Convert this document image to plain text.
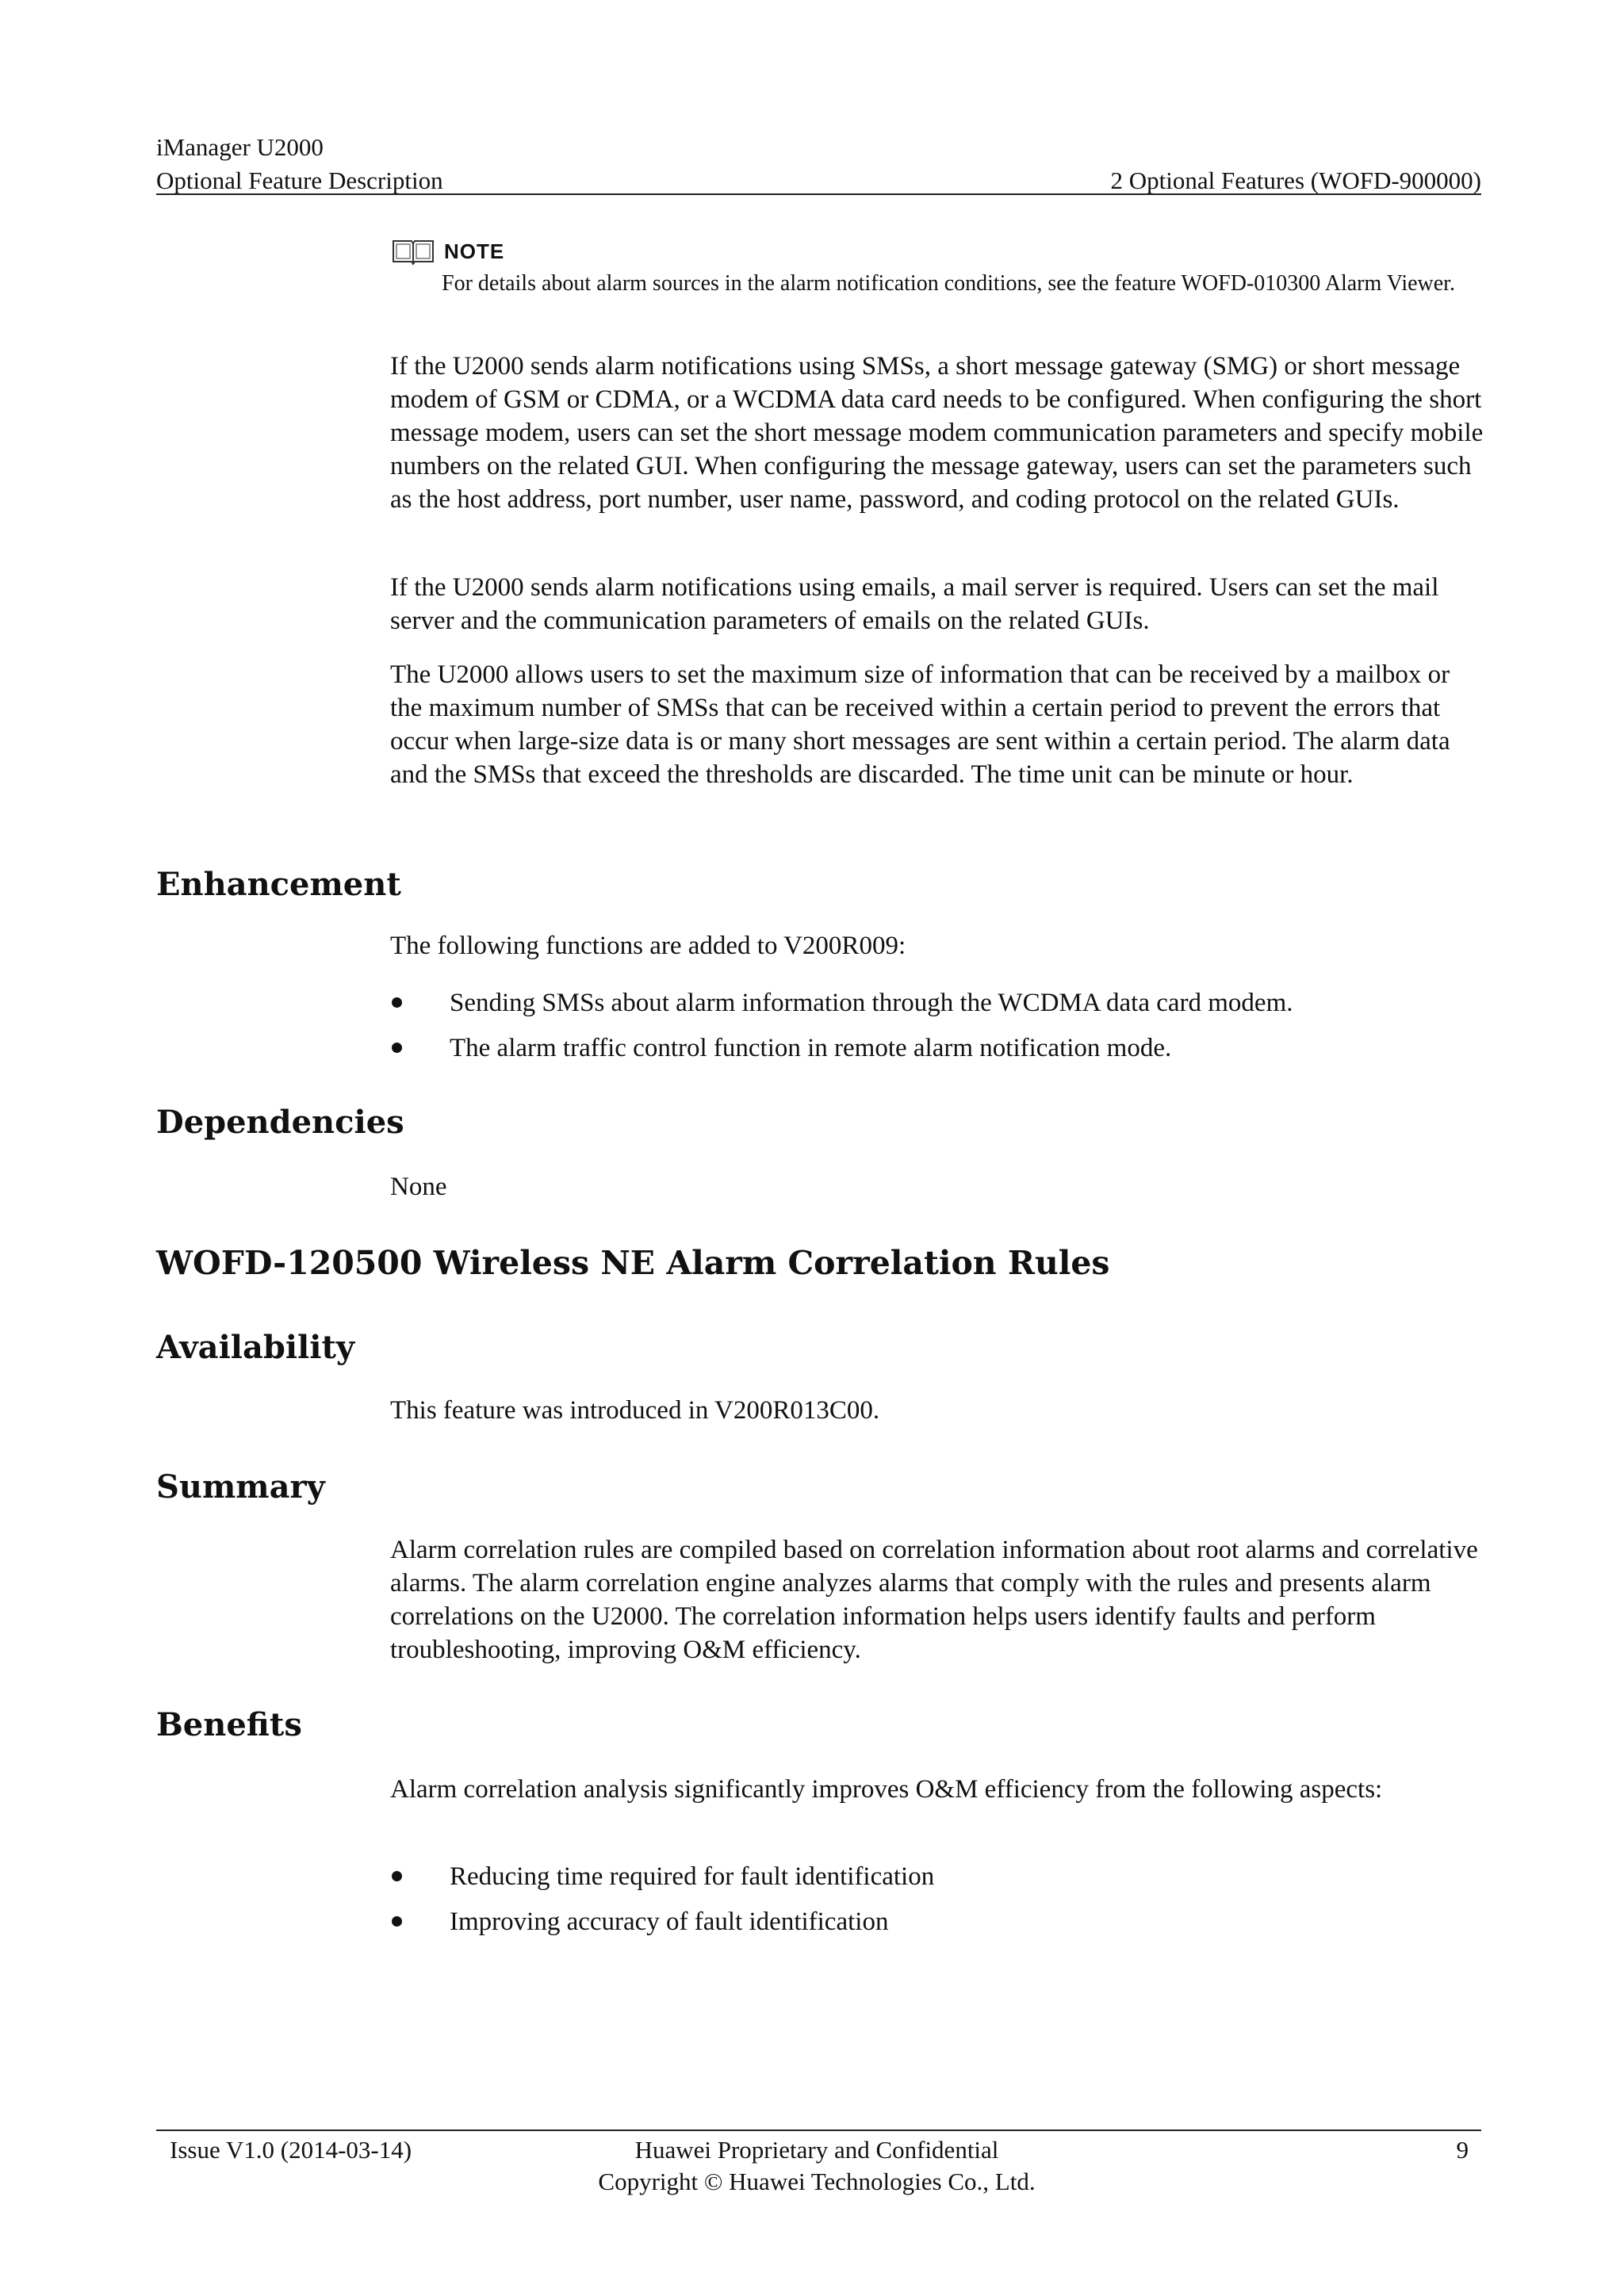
iManager U2000
Optional Feature Description	2 Optional Features (WOFD-900000)
NOTE
For details about alarm sources in the alarm notification conditions, see the feature WOFD-010300 Alarm Viewer.
If the U2000 sends alarm notifications using SMSs, a short message gateway (SMG) or short message modem of GSM or CDMA, or a WCDMA data card needs to be configured. When configuring the short message modem, users can set the short message modem communication parameters and specify mobile numbers on the related GUI. When configuring the message gateway, users can set the parameters such as the host address, port number, user name, password, and coding protocol on the related GUIs.
If the U2000 sends alarm notifications using emails, a mail server is required. Users can set the mail server and the communication parameters of emails on the related GUIs.
The U2000 allows users to set the maximum size of information that can be received by a mailbox or the maximum number of SMSs that can be received within a certain period to prevent the errors that occur when large-size data is or many short messages are sent within a certain period. The alarm data and the SMSs that exceed the thresholds are discarded. The time unit can be minute or hour.
Enhancement
The following functions are added to V200R009:
Sending SMSs about alarm information through the WCDMA data card modem.
The alarm traffic control function in remote alarm notification mode.
Dependencies
None
WOFD-120500 Wireless NE Alarm Correlation Rules
Availability
This feature was introduced in V200R013C00.
Summary
Alarm correlation rules are compiled based on correlation information about root alarms and correlative alarms. The alarm correlation engine analyzes alarms that comply with the rules and presents alarm correlations on the U2000. The correlation information helps users identify faults and perform troubleshooting, improving O&M efficiency.
Benefits
Alarm correlation analysis significantly improves O&M efficiency from the following aspects:
Reducing time required for fault identification
Improving accuracy of fault identification
Issue V1.0 (2014-03-14)	Huawei Proprietary and Confidential
Copyright © Huawei Technologies Co., Ltd.
9
